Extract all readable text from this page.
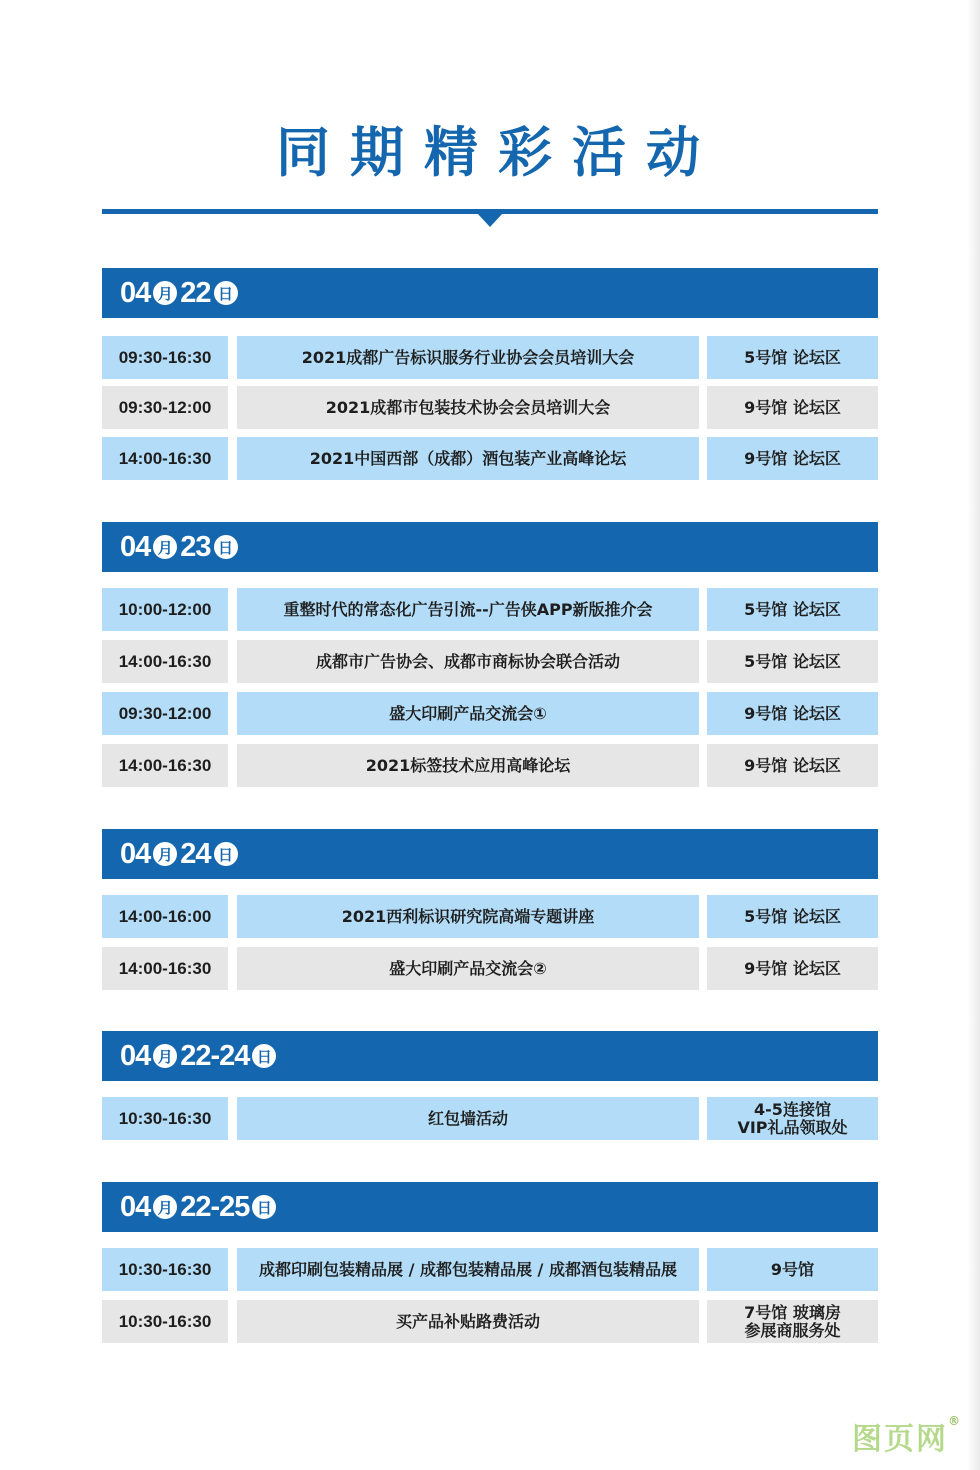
同期精彩活动
04 月 22 日
09:30-16:30	2021成都广告标识服务行业协会会员培训大会	5号馆 论坛区
09:30-12:00	2021成都市包装技术协会会员培训大会	9号馆 论坛区
14:00-16:30	2021中国西部（成都）酒包装产业高峰论坛	9号馆 论坛区
04 月 23 日
10:00-12:00	重整时代的常态化广告引流--广告侠APP新版推介会	5号馆 论坛区
14:00-16:30	成都市广告协会、成都市商标协会联合活动	5号馆 论坛区
09:30-12:00	盛大印刷产品交流会①	9号馆 论坛区
14:00-16:30	2021标签技术应用高峰论坛	9号馆 论坛区
04 月 24 日
14:00-16:00	2021西利标识研究院高端专题讲座	5号馆 论坛区
14:00-16:30	盛大印刷产品交流会②	9号馆 论坛区
04 月 22-24 日
10:30-16:30	红包墙活动	4-5连接馆
VIP礼品领取处
04 月 22-25 日
10:30-16:30	成都印刷包装精品展 / 成都包装精品展 / 成都酒包装精品展	9号馆
10:30-16:30	买产品补贴路费活动	7号馆 玻璃房
参展商服务处
图页网®
